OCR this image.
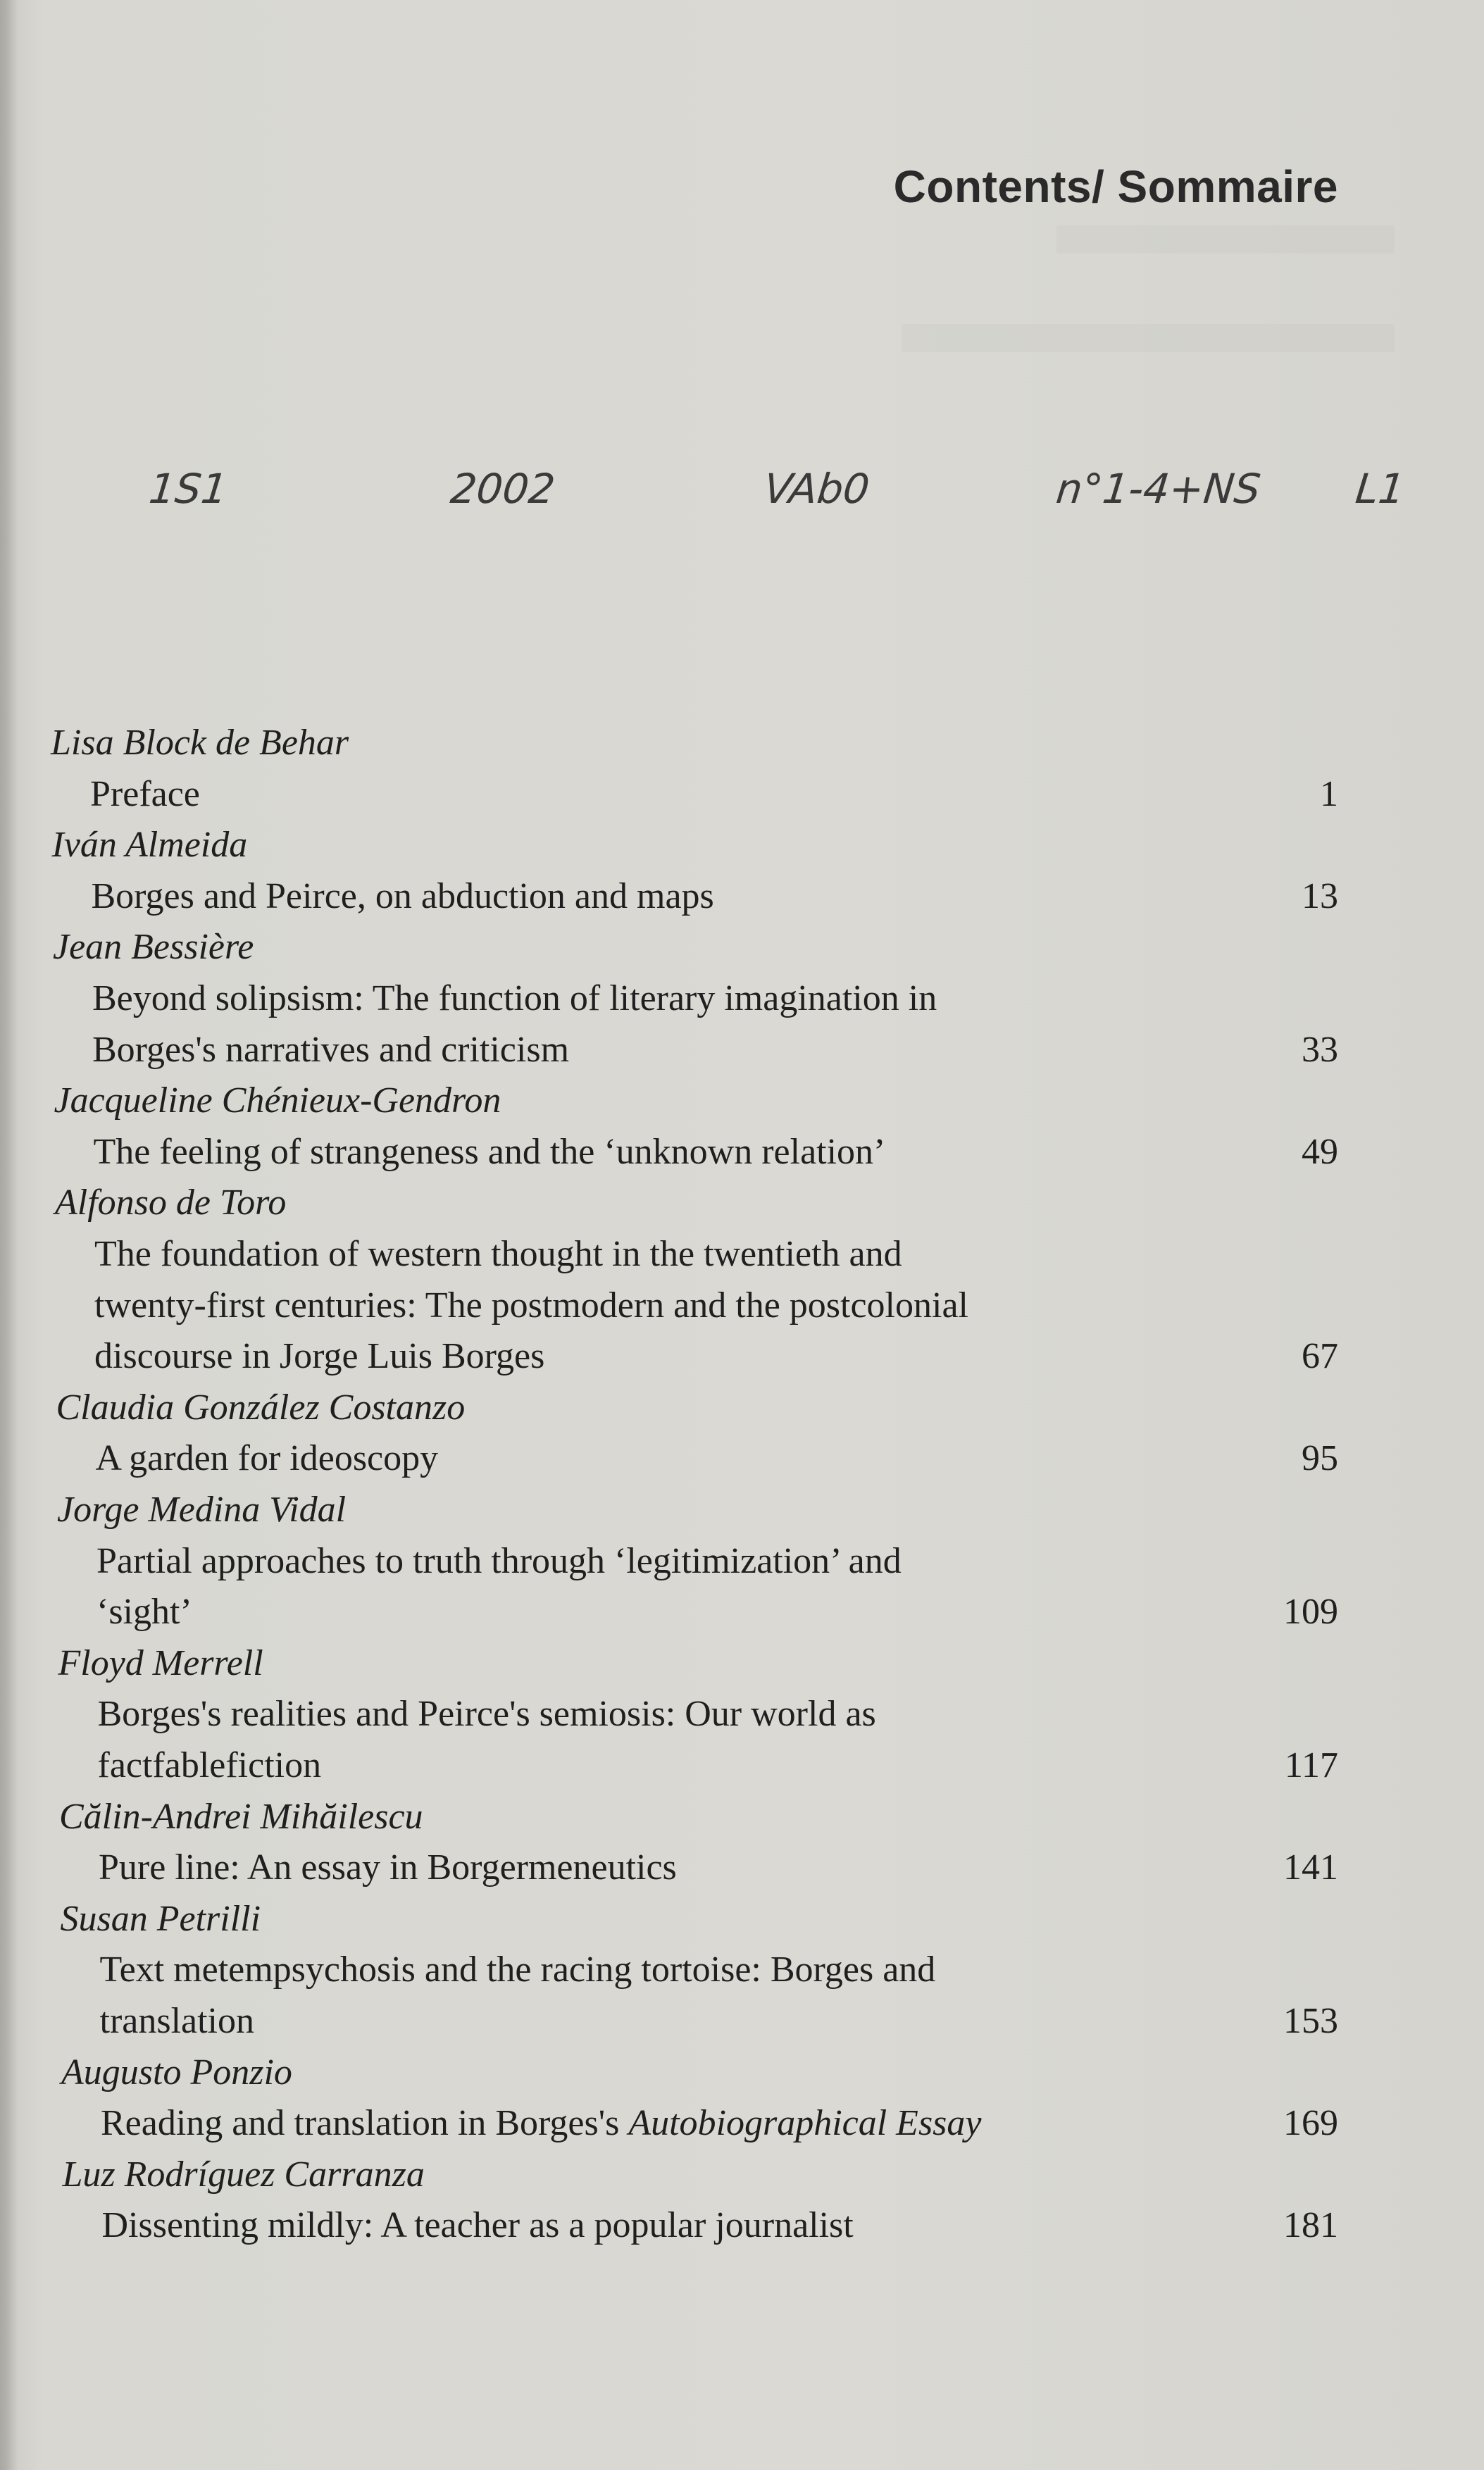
Contents/ Sommaire
1S1	2002	VAb0	n°1-4+NS L1
Lisa Block de Behar
Preface	1
Iván Almeida
Borges and Peirce, on abduction and maps	13
Jean Bessière
Beyond solipsism: The function of literary imagination in
Borges's narratives and criticism	33
Jacqueline Chénieux-Gendron
The feeling of strangeness and the ‘unknown relation’	49
Alfonso de Toro
The foundation of western thought in the twentieth and
twenty-first centuries: The postmodern and the postcolonial
discourse in Jorge Luis Borges	67
Claudia González Costanzo
A garden for ideoscopy	95
Jorge Medina Vidal
Partial approaches to truth through ‘legitimization’ and
‘sight’	109
Floyd Merrell
Borges's realities and Peirce's semiosis: Our world as
factfablefiction	117
Călin-Andrei Mihăilescu
Pure line: An essay in Borgermeneutics	141
Susan Petrilli
Text metempsychosis and the racing tortoise: Borges and
translation	153
Augusto Ponzio
Reading and translation in Borges's Autobiographical Essay	169
Luz Rodríguez Carranza
Dissenting mildly: A teacher as a popular journalist	181
